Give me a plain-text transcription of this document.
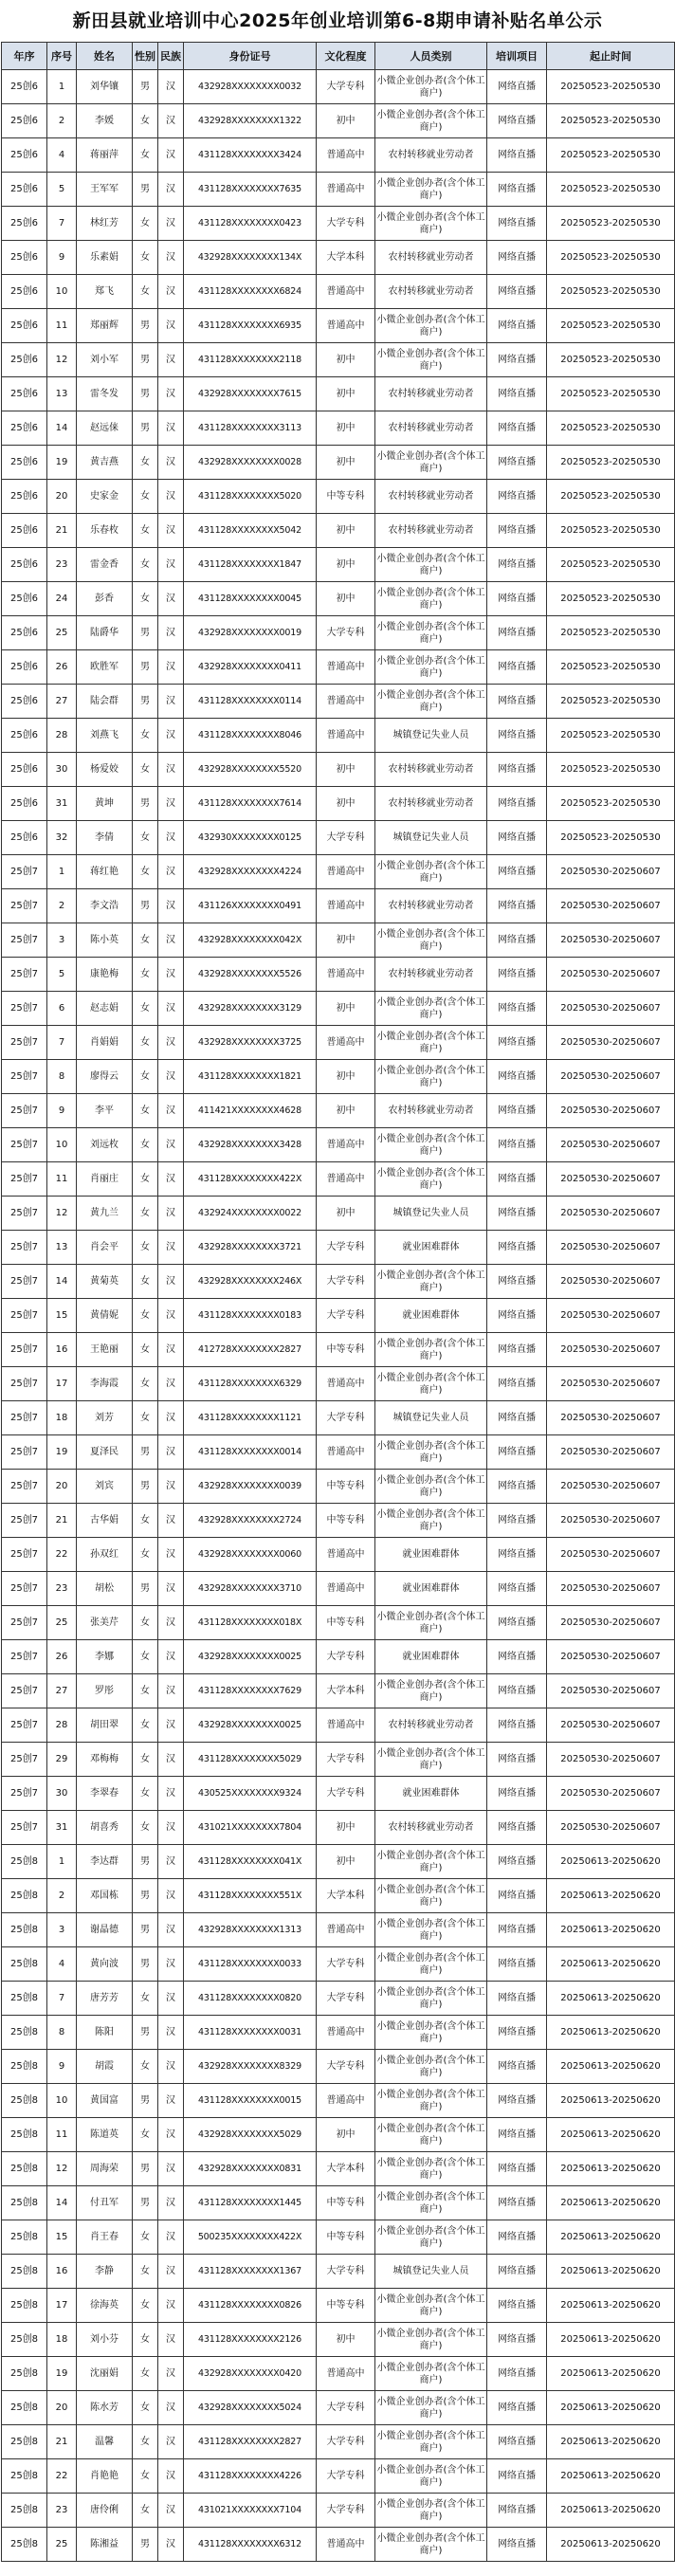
新田县就业培训中心2025年创业培训第6-8期申请补贴名单公示
年序	序号	姓名	性别	民族	身份证号	文化程度	人员类别	培训项目	起止时间
25创6	1	刘华镶	男	汉	432928XXXXXXXX0032	大学专科	小微企业创办者(含个体工商户)	网络直播	20250523-20250530
25创6	2	李媛	女	汉	432928XXXXXXXX1322	初中	小微企业创办者(含个体工商户)	网络直播	20250523-20250530
25创6	4	蒋丽萍	女	汉	431128XXXXXXXX3424	普通高中	农村转移就业劳动者	网络直播	20250523-20250530
25创6	5	王军军	男	汉	431128XXXXXXXX7635	普通高中	小微企业创办者(含个体工商户)	网络直播	20250523-20250530
25创6	7	林红芳	女	汉	431128XXXXXXXX0423	大学专科	小微企业创办者(含个体工商户)	网络直播	20250523-20250530
25创6	9	乐素娟	女	汉	432928XXXXXXXX134X	大学本科	农村转移就业劳动者	网络直播	20250523-20250530
25创6	10	郑飞	女	汉	431128XXXXXXXX6824	普通高中	农村转移就业劳动者	网络直播	20250523-20250530
25创6	11	郑丽辉	男	汉	431128XXXXXXXX6935	普通高中	小微企业创办者(含个体工商户)	网络直播	20250523-20250530
25创6	12	刘小军	男	汉	431128XXXXXXXX2118	初中	小微企业创办者(含个体工商户)	网络直播	20250523-20250530
25创6	13	雷冬发	男	汉	432928XXXXXXXX7615	初中	农村转移就业劳动者	网络直播	20250523-20250530
25创6	14	赵远俫	男	汉	431128XXXXXXXX3113	初中	农村转移就业劳动者	网络直播	20250523-20250530
25创6	19	黄吉燕	女	汉	432928XXXXXXXX0028	初中	小微企业创办者(含个体工商户)	网络直播	20250523-20250530
25创6	20	史家金	女	汉	431128XXXXXXXX5020	中等专科	农村转移就业劳动者	网络直播	20250523-20250530
25创6	21	乐春枚	女	汉	431128XXXXXXXX5042	初中	农村转移就业劳动者	网络直播	20250523-20250530
25创6	23	雷金香	女	汉	431128XXXXXXXX1847	初中	小微企业创办者(含个体工商户)	网络直播	20250523-20250530
25创6	24	彭香	女	汉	431128XXXXXXXX0045	初中	小微企业创办者(含个体工商户)	网络直播	20250523-20250530
25创6	25	陆爵华	男	汉	432928XXXXXXXX0019	大学专科	小微企业创办者(含个体工商户)	网络直播	20250523-20250530
25创6	26	欧胜军	男	汉	432928XXXXXXXX0411	普通高中	小微企业创办者(含个体工商户)	网络直播	20250523-20250530
25创6	27	陆会群	男	汉	431128XXXXXXXX0114	普通高中	小微企业创办者(含个体工商户)	网络直播	20250523-20250530
25创6	28	刘燕飞	女	汉	431128XXXXXXXX8046	普通高中	城镇登记失业人员	网络直播	20250523-20250530
25创6	30	杨爱姣	女	汉	432928XXXXXXXX5520	初中	农村转移就业劳动者	网络直播	20250523-20250530
25创6	31	黄坤	男	汉	431128XXXXXXXX7614	初中	农村转移就业劳动者	网络直播	20250523-20250530
25创6	32	李倩	女	汉	432930XXXXXXXX0125	大学专科	城镇登记失业人员	网络直播	20250523-20250530
25创7	1	蒋红艳	女	汉	432928XXXXXXXX4224	普通高中	小微企业创办者(含个体工商户)	网络直播	20250530-20250607
25创7	2	李文浩	男	汉	431126XXXXXXXX0491	普通高中	农村转移就业劳动者	网络直播	20250530-20250607
25创7	3	陈小英	女	汉	432928XXXXXXXX042X	初中	小微企业创办者(含个体工商户)	网络直播	20250530-20250607
25创7	5	康艳梅	女	汉	432928XXXXXXXX5526	普通高中	农村转移就业劳动者	网络直播	20250530-20250607
25创7	6	赵志娟	女	汉	432928XXXXXXXX3129	初中	小微企业创办者(含个体工商户)	网络直播	20250530-20250607
25创7	7	肖娟娟	女	汉	432928XXXXXXXX3725	普通高中	小微企业创办者(含个体工商户)	网络直播	20250530-20250607
25创7	8	廖得云	女	汉	431128XXXXXXXX1821	初中	小微企业创办者(含个体工商户)	网络直播	20250530-20250607
25创7	9	李平	女	汉	411421XXXXXXXX4628	初中	农村转移就业劳动者	网络直播	20250530-20250607
25创7	10	刘远枚	女	汉	432928XXXXXXXX3428	普通高中	小微企业创办者(含个体工商户)	网络直播	20250530-20250607
25创7	11	肖丽庄	女	汉	431128XXXXXXXX422X	普通高中	小微企业创办者(含个体工商户)	网络直播	20250530-20250607
25创7	12	黄九兰	女	汉	432924XXXXXXXX0022	初中	城镇登记失业人员	网络直播	20250530-20250607
25创7	13	肖会平	女	汉	432928XXXXXXXX3721	大学专科	就业困难群体	网络直播	20250530-20250607
25创7	14	黄菊英	女	汉	432928XXXXXXXX246X	大学专科	小微企业创办者(含个体工商户)	网络直播	20250530-20250607
25创7	15	黄倩妮	女	汉	431128XXXXXXXX0183	大学专科	就业困难群体	网络直播	20250530-20250607
25创7	16	王艳丽	女	汉	412728XXXXXXXX2827	中等专科	小微企业创办者(含个体工商户)	网络直播	20250530-20250607
25创7	17	李海霞	女	汉	431128XXXXXXXX6329	普通高中	小微企业创办者(含个体工商户)	网络直播	20250530-20250607
25创7	18	刘芳	女	汉	431128XXXXXXXX1121	大学专科	城镇登记失业人员	网络直播	20250530-20250607
25创7	19	夏泽民	男	汉	431128XXXXXXXX0014	普通高中	小微企业创办者(含个体工商户)	网络直播	20250530-20250607
25创7	20	刘宾	男	汉	432928XXXXXXXX0039	中等专科	小微企业创办者(含个体工商户)	网络直播	20250530-20250607
25创7	21	古华娟	女	汉	432928XXXXXXXX2724	中等专科	小微企业创办者(含个体工商户)	网络直播	20250530-20250607
25创7	22	孙双红	女	汉	432928XXXXXXXX0060	普通高中	就业困难群体	网络直播	20250530-20250607
25创7	23	胡松	男	汉	432928XXXXXXXX3710	普通高中	就业困难群体	网络直播	20250530-20250607
25创7	25	张美芹	女	汉	431128XXXXXXXX018X	中等专科	小微企业创办者(含个体工商户)	网络直播	20250530-20250607
25创7	26	李娜	女	汉	432928XXXXXXXX0025	大学专科	就业困难群体	网络直播	20250530-20250607
25创7	27	罗彤	女	汉	431128XXXXXXXX7629	大学本科	小微企业创办者(含个体工商户)	网络直播	20250530-20250607
25创7	28	胡田翠	女	汉	432928XXXXXXXX0025	普通高中	农村转移就业劳动者	网络直播	20250530-20250607
25创7	29	邓梅梅	女	汉	431128XXXXXXXX5029	大学专科	小微企业创办者(含个体工商户)	网络直播	20250530-20250607
25创7	30	李翠春	女	汉	430525XXXXXXXX9324	大学专科	就业困难群体	网络直播	20250530-20250607
25创7	31	胡喜秀	女	汉	431021XXXXXXXX7804	初中	农村转移就业劳动者	网络直播	20250530-20250607
25创8	1	李达群	男	汉	431128XXXXXXXX041X	初中	小微企业创办者(含个体工商户)	网络直播	20250613-20250620
25创8	2	邓国栋	男	汉	431128XXXXXXXX551X	大学本科	小微企业创办者(含个体工商户)	网络直播	20250613-20250620
25创8	3	谢晶德	男	汉	432928XXXXXXXX1313	普通高中	小微企业创办者(含个体工商户)	网络直播	20250613-20250620
25创8	4	黄向波	男	汉	431128XXXXXXXX0033	大学专科	小微企业创办者(含个体工商户)	网络直播	20250613-20250620
25创8	7	唐芳芳	女	汉	431128XXXXXXXX0820	大学专科	小微企业创办者(含个体工商户)	网络直播	20250613-20250620
25创8	8	陈阳	男	汉	431128XXXXXXXX0031	普通高中	小微企业创办者(含个体工商户)	网络直播	20250613-20250620
25创8	9	胡霞	女	汉	432928XXXXXXXX8329	大学专科	小微企业创办者(含个体工商户)	网络直播	20250613-20250620
25创8	10	黄国富	男	汉	431128XXXXXXXX0015	普通高中	小微企业创办者(含个体工商户)	网络直播	20250613-20250620
25创8	11	陈道英	女	汉	432928XXXXXXXX5029	初中	小微企业创办者(含个体工商户)	网络直播	20250613-20250620
25创8	12	周海荣	男	汉	432928XXXXXXXX0831	大学本科	小微企业创办者(含个体工商户)	网络直播	20250613-20250620
25创8	14	付丑军	男	汉	431128XXXXXXXX1445	中等专科	小微企业创办者(含个体工商户)	网络直播	20250613-20250620
25创8	15	肖王春	女	汉	500235XXXXXXXX422X	中等专科	小微企业创办者(含个体工商户)	网络直播	20250613-20250620
25创8	16	李静	女	汉	431128XXXXXXXX1367	大学专科	城镇登记失业人员	网络直播	20250613-20250620
25创8	17	徐海英	女	汉	431128XXXXXXXX0826	中等专科	小微企业创办者(含个体工商户)	网络直播	20250613-20250620
25创8	18	刘小芬	女	汉	431128XXXXXXXX2126	初中	小微企业创办者(含个体工商户)	网络直播	20250613-20250620
25创8	19	沈丽娟	女	汉	432928XXXXXXXX0420	普通高中	小微企业创办者(含个体工商户)	网络直播	20250613-20250620
25创8	20	陈水芳	女	汉	432928XXXXXXXX5024	大学专科	小微企业创办者(含个体工商户)	网络直播	20250613-20250620
25创8	21	温馨	女	汉	431128XXXXXXXX2827	大学专科	小微企业创办者(含个体工商户)	网络直播	20250613-20250620
25创8	22	肖艳艳	女	汉	431128XXXXXXXX4226	大学专科	小微企业创办者(含个体工商户)	网络直播	20250613-20250620
25创8	23	唐伶俐	女	汉	431021XXXXXXXX7104	大学专科	小微企业创办者(含个体工商户)	网络直播	20250613-20250620
25创8	25	陈湘益	男	汉	431128XXXXXXXX6312	普通高中	小微企业创办者(含个体工商户)	网络直播	20250613-20250620
